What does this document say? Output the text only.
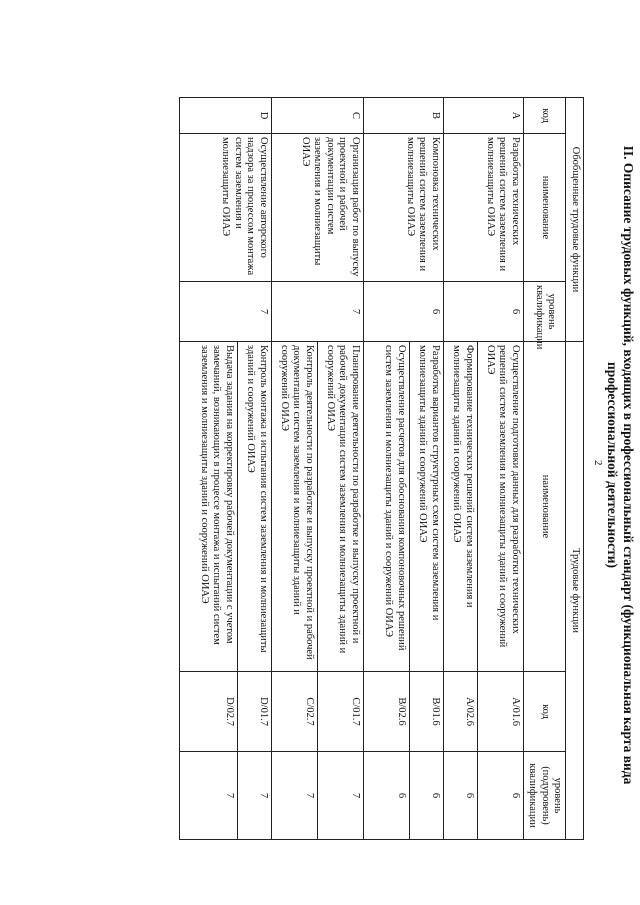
2	II. Описание трудовых функций, входящих в профессиональный стандарт (функциональная карта вида профессиональной деятельности)
Обобщенные трудовые функции			Трудовые функции		
код	наименование	уровень квалификации	наименование	код	уровень (подуровень) квалификации
A	Разработка технических решений систем заземления и молниезащиты ОИАЭ	6	Осуществление подготовки данных для разработки технических решений систем заземления и молниезащиты зданий и сооружений ОИАЭ	A/01.6	6
			Формирование технических решений систем заземления и молниезащиты зданий и сооружений ОИАЭ	A/02.6	6
B	Компоновка технических решений систем заземления и молниезащиты ОИАЭ	6	Разработка вариантов структурных схем систем заземления и молниезащиты зданий и сооружений ОИАЭ	B/01.6	6
			Осуществление расчетов для обоснования компоновочных решений систем заземления и молниезащиты зданий и сооружений ОИАЭ	B/02.6	6
C	Организация работ по выпуску проектной и рабочей документации систем заземления и молниезащиты ОИАЭ	7	Планирование деятельности по разработке и выпуску проектной и рабочей документации систем заземления и молниезащиты зданий и сооружений ОИАЭ	C/01.7	7
			Контроль деятельности по разработке и выпуску проектной и рабочей документации систем заземления и молниезащиты зданий и сооружений ОИАЭ	C/02.7	7
D	Осуществление авторского надзора за процессом монтажа систем заземления и молниезащиты ОИАЭ	7	Контроль монтажа и испытания систем заземления и молниезащиты зданий и сооружений ОИАЭ	D/01.7	7
			Выдача задания на корректировку рабочей документации с учетом замечаний, возникающих в процессе монтажа и испытаний систем заземления и молниезащиты зданий и сооружений ОИАЭ	D/02.7	7
